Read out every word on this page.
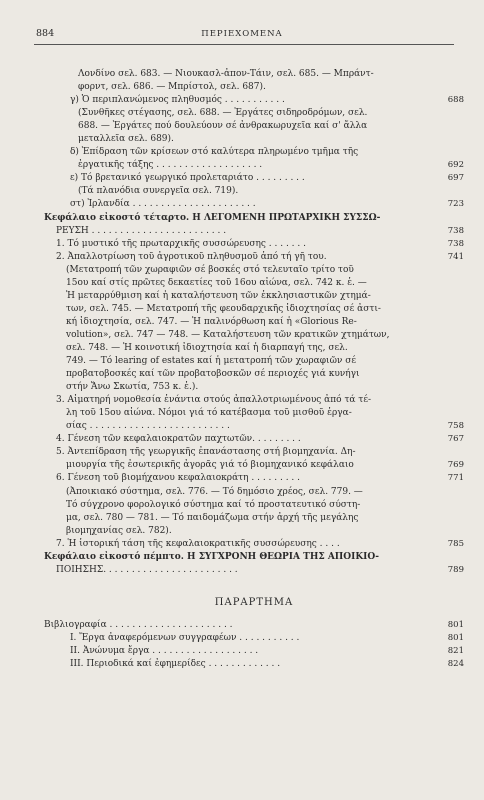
884	ΠΕΡΙΕΧΟΜΕΝΑ
Λονδίνο σελ. 683. — Νιουκασλ-ἀπον-Τάιν, σελ. 685. — Μπράντ-
φορντ, σελ. 686. — Μπρίστολ, σελ. 687).
γ) Ὁ περιπλανώμενος πληθυσμός . . . . . . . . . . .	688
(Συνθῆκες στέγασης, σελ. 688. — Ἐργάτες σιδηροδρόμων, σελ.
688. — Ἐργάτες πού δουλεύουν σέ ἀνθρακωρυχεῖα καί σ' ἄλλα
μεταλλεῖα σελ. 689).
δ) Ἐπίδραση τῶν κρίσεων στό καλύτερα πληρωμένο τμῆμα τῆς
ἐργατικῆς τάξης . . . . . . . . . . . . . . . . . . .	692
ε) Τό βρετανικό γεωργικό προλεταριάτο . . . . . . . . .	697
(Τά πλανόδια συνεργεῖα σελ. 719).
στ) Ἰρλανδία . . . . . . . . . . . . . . . . . . . . . .	723
Κεφάλαιο εἰκοστό τέταρτο. Η ΛΕΓΟΜΕΝΗ ΠΡΩΤΑΡΧΙΚΗ ΣΥΣΣΩ-
ΡΕΥΣΗ . . . . . . . . . . . . . . . . . . . . . . . .	738
1. Τό μυστικό τῆς πρωταρχικῆς συσσώρευσης . . . . . . .	738
2. Ἀπαλλοτρίωση τοῦ ἀγροτικοῦ πληθυσμοῦ ἀπό τή γῆ του.	741
(Μετατροπή τῶν χωραφιῶν σέ βοσκές στό τελευταῖο τρίτο τοῦ
15ου καί στίς πρῶτες δεκαετίες τοῦ 16ου αἰώνα, σελ. 742 κ. ἑ. —
Ἡ μεταρρύθμιση καί ἡ καταλήστευση τῶν ἐκκλησιαστικῶν χτημά-
των, σελ. 745. — Μετατροπή τῆς φεουδαρχικῆς ἰδιοχτησίας σέ ἀστι-
κή ἰδιοχτησία, σελ. 747. — Ἡ παλινόρθωση καί ἡ «Glorious Re-
volution», σελ. 747 — 748. — Καταλήστευση τῶν κρατικῶν χτημάτων,
σελ. 748. — Ἡ κοινοτική ἰδιοχτησία καί ἡ διαρπαγή της, σελ.
749. — Τό learing of estates καί ἡ μετατροπή τῶν χωραφιῶν σέ
προβατοβοσκές καί τῶν προβατοβοσκῶν σέ περιοχές γιά κυνήγι
στήν Ἄνω Σκωτία, 753 κ. ἑ.).
3. Αἱματηρή νομοθεσία ἐνάντια στούς ἀπαλλοτριωμένους ἀπό τά τέ-
λη τοῦ 15ου αἰώνα. Νόμοι γιά τό κατέβασμα τοῦ μισθοῦ ἐργα-
σίας . . . . . . . . . . . . . . . . . . . . . . . . .	758
4. Γένεση τῶν κεφαλαιοκρατῶν παχτωτῶν. . . . . . . . .	767
5. Ἀντεπίδραση τῆς γεωργικῆς ἐπανάστασης στή βιομηχανία. Δη-
μιουργία τῆς ἐσωτερικῆς ἀγορᾶς γιά τό βιομηχανικό κεφάλαιο	769
6. Γένεση τοῦ βιομήχανου κεφαλαιοκράτη . . . . . . . . .	771
(Ἀποικιακό σύστημα, σελ. 776. — Τό δημόσιο χρέος, σελ. 779. —
Τό σύγχρονο φορολογικό σύστημα καί τό προστατευτικό σύστη-
μα, σελ. 780 — 781. — Τό παιδομάζωμα στήν ἀρχή τῆς μεγάλης
βιομηχανίας σελ. 782).
7. Ἡ ἱστορική τάση τῆς κεφαλαιοκρατικῆς συσσώρευσης . . . .	785
Κεφάλαιο εἰκοστό πέμπτο. Η ΣΥΓΧΡΟΝΗ ΘΕΩΡΙΑ ΤΗΣ ΑΠΟΙΚΙΟ-
ΠΟΙΗΣΗΣ. . . . . . . . . . . . . . . . . . . . . . . .	789
ΠΑΡΑΡΤΗΜΑ
Βιβλιογραφία . . . . . . . . . . . . . . . . . . . . . .	801
I. Ἔργα ἀναφερόμενων συγγραφέων . . . . . . . . . . .	801
II. Ἀνώνυμα ἔργα . . . . . . . . . . . . . . . . . . .	821
III. Περιοδικά καί ἐφημερίδες . . . . . . . . . . . . .	824
